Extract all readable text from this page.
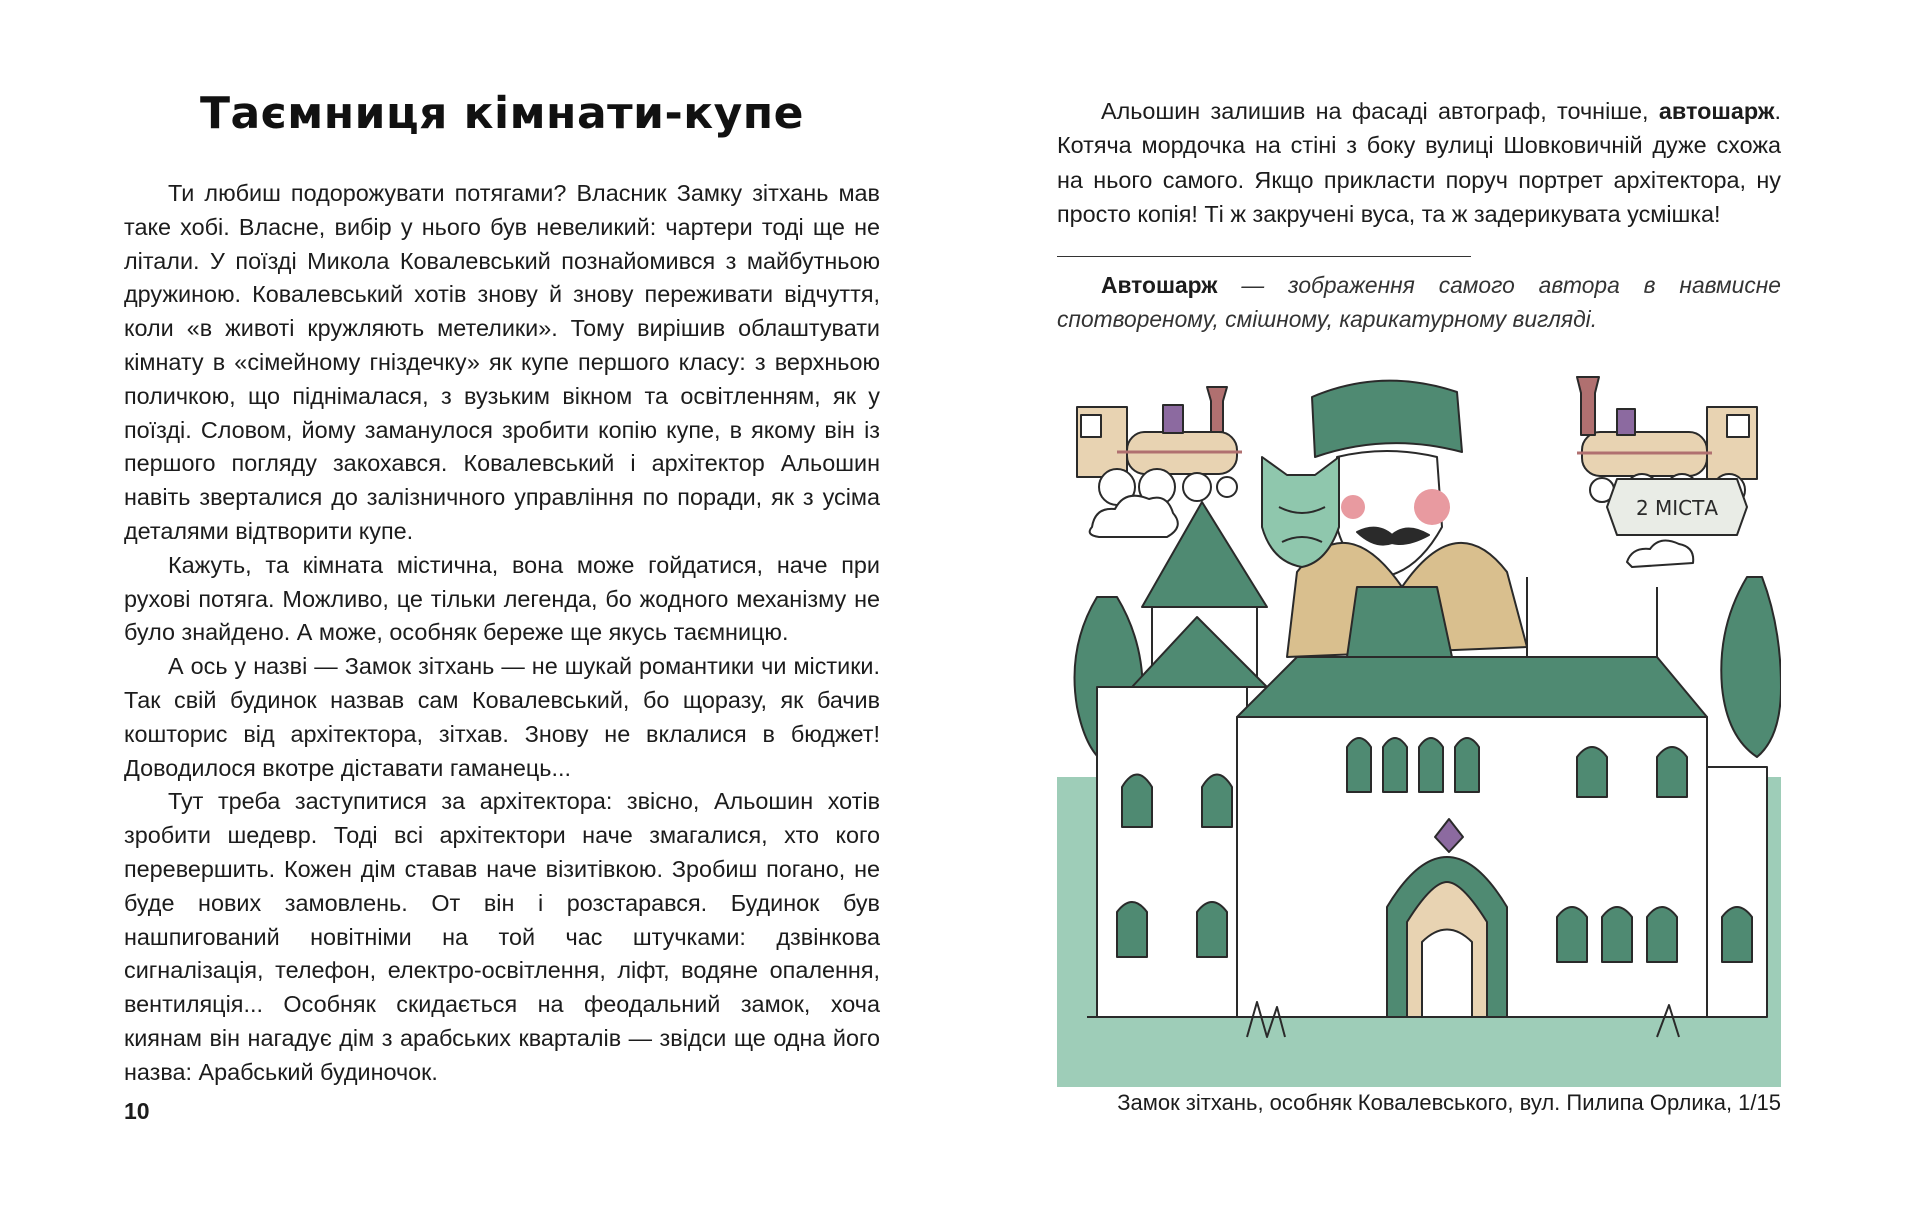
Таємниця кімнати-купе

Ти любиш подорожувати потягами? Власник Замку зітхань мав таке хобі. Власне, вибір у нього був невеликий: чартери тоді ще не літали. У поїзді Микола Ковалевський познайомився з майбутньою дружиною. Ковалевський хотів знову й знову переживати відчуття, коли «в животі кружляють метелики». Тому вирішив облаштувати кімнату в «сімейному гніздечку» як купе першого класу: з верхньою поличкою, що піднімалася, з вузьким вікном та освітленням, як у поїзді. Словом, йому заманулося зробити копію купе, в якому він із першого погляду закохався. Ковалевський і архітектор Альошин навіть зверталися до залізничного управління по поради, як з усіма деталями відтворити купе.

Кажуть, та кімната містична, вона може гойдатися, наче при рухові потяга. Можливо, це тільки легенда, бо жодного механізму не було знайдено. А може, особняк береже ще якусь таємницю.

А ось у назві — Замок зітхань — не шукай романтики чи містики. Так свій будинок назвав сам Ковалевський, бо щоразу, як бачив кошторис від архітектора, зітхав. Знову не вклалися в бюджет! Доводилося вкотре діставати гаманець...

Тут треба заступитися за архітектора: звісно, Альошин хотів зробити шедевр. Тоді всі архітектори наче змагалися, хто кого перевершить. Кожен дім ставав наче візитівкою. Зробиш погано, не буде нових замовлень. От він і розстарався. Будинок був нашпигований новітніми на той час штучками: дзвінкова сигналізація, телефон, електро-освітлення, ліфт, водяне опалення, вентиляція... Особняк скидається на феодальний замок, хоча киянам він нагадує дім з арабських кварталів — звідси ще одна його назва: Арабський будиночок.

10

Альошин залишив на фасаді автограф, точніше, автошарж. Котяча мордочка на стіні з боку вулиці Шовковичній дуже схожа на нього самого. Якщо прикласти поруч портрет архітектора, ну просто копія! Ті ж закручені вуса, та ж задерикувата усмішка!

Автошарж — зображення самого автора в навмисне спотвореному, смішному, карикатурному вигляді.

2 МІСТА
Замок зітхань, особняк Ковалевського, вул. Пилипа Орлика, 1/15
